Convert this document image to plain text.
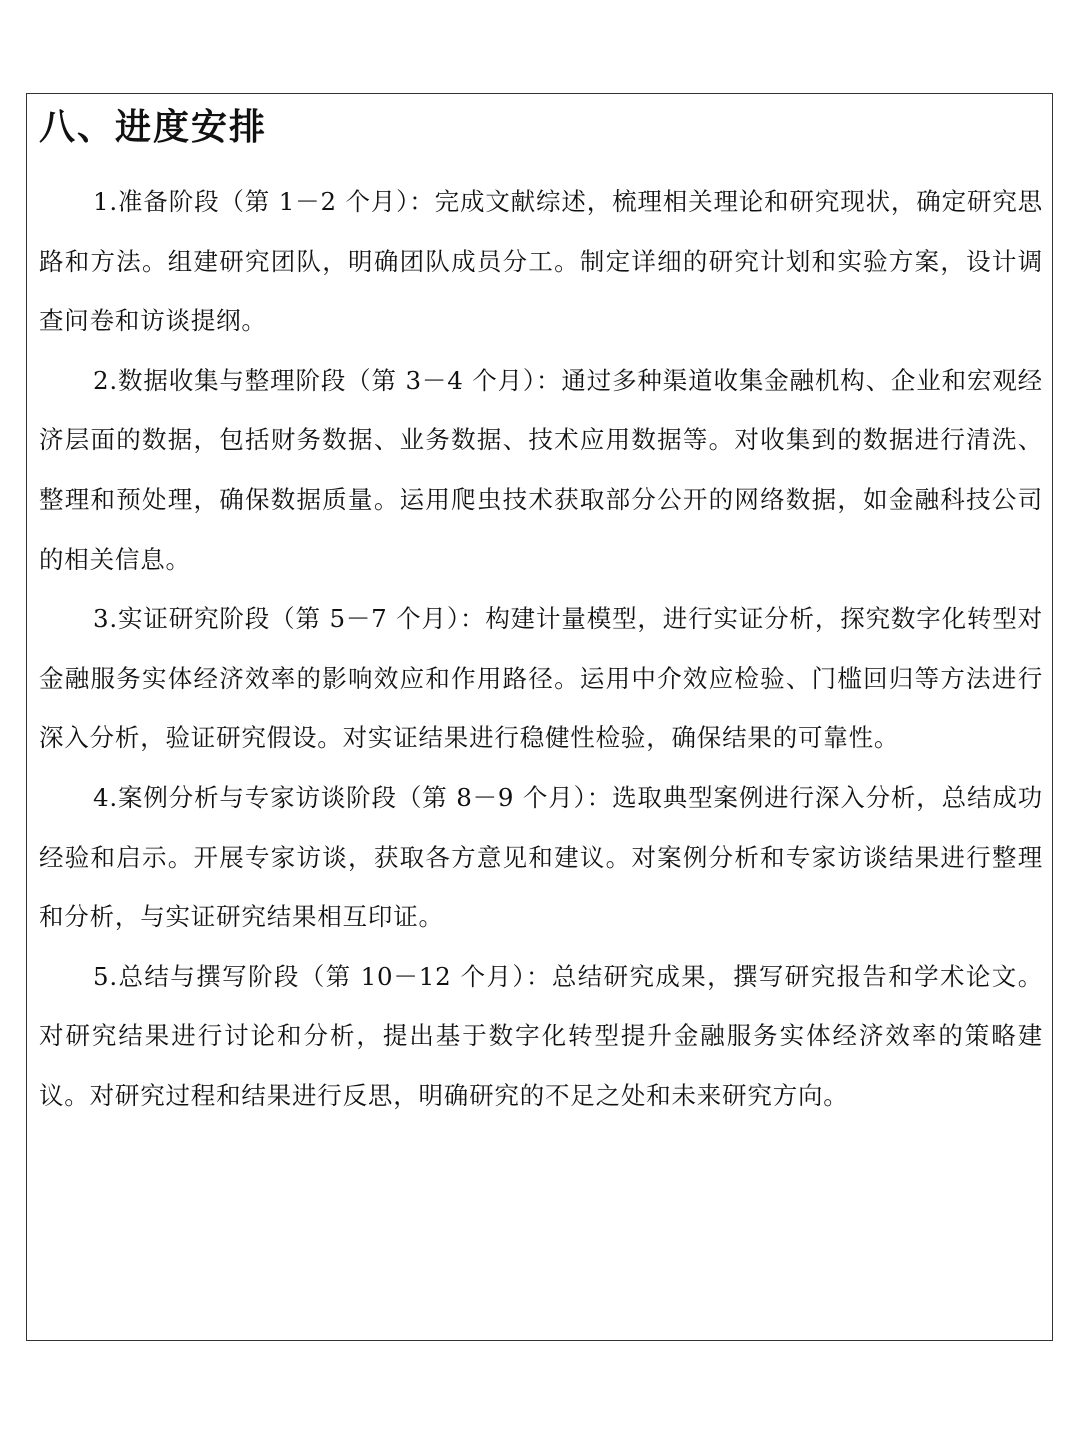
八、进度安排

1.准备阶段（第 1－2 个月）：完成文献综述，梳理相关理论和研究现状，确定研究思路和方法。组建研究团队，明确团队成员分工。制定详细的研究计划和实验方案，设计调查问卷和访谈提纲。

2.数据收集与整理阶段（第 3－4 个月）：通过多种渠道收集金融机构、企业和宏观经济层面的数据，包括财务数据、业务数据、技术应用数据等。对收集到的数据进行清洗、整理和预处理，确保数据质量。运用爬虫技术获取部分公开的网络数据，如金融科技公司的相关信息。

3.实证研究阶段（第 5－7 个月）：构建计量模型，进行实证分析，探究数字化转型对金融服务实体经济效率的影响效应和作用路径。运用中介效应检验、门槛回归等方法进行深入分析，验证研究假设。对实证结果进行稳健性检验，确保结果的可靠性。

4.案例分析与专家访谈阶段（第 8－9 个月）：选取典型案例进行深入分析，总结成功经验和启示。开展专家访谈，获取各方意见和建议。对案例分析和专家访谈结果进行整理和分析，与实证研究结果相互印证。

5.总结与撰写阶段（第 10－12 个月）：总结研究成果，撰写研究报告和学术论文。对研究结果进行讨论和分析，提出基于数字化转型提升金融服务实体经济效率的策略建议。对研究过程和结果进行反思，明确研究的不足之处和未来研究方向。
